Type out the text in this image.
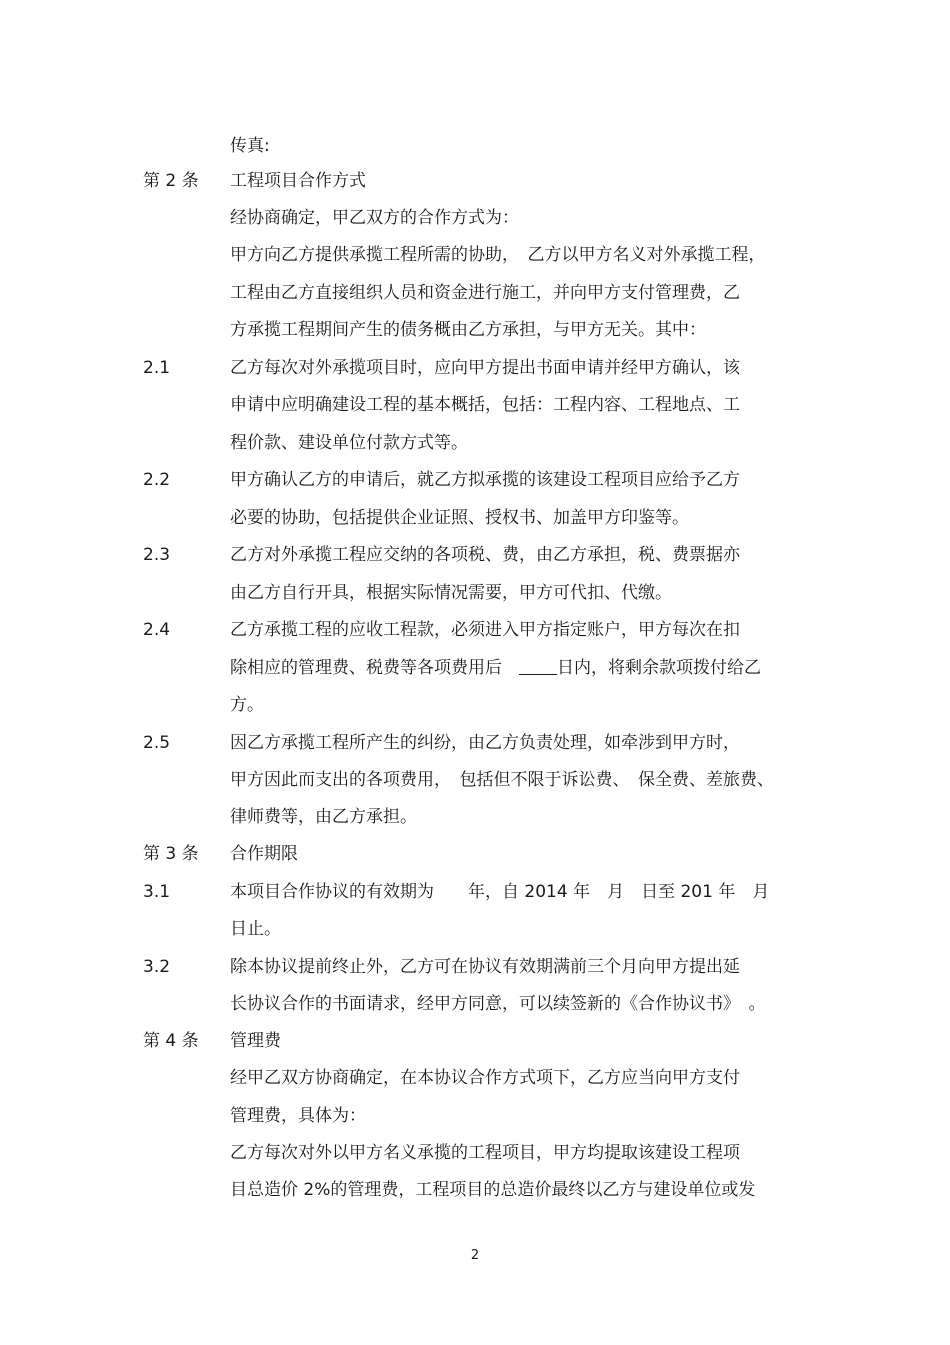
传真:
第 2 条 工程项目合作方式
经协商确定，甲乙双方的合作方式为：
甲方向乙方提供承揽工程所需的协助，　乙方以甲方名义对外承揽工程，
工程由乙方直接组织人员和资金进行施工，并向甲方支付管理费，乙
方承揽工程期间产生的债务概由乙方承担，与甲方无关。其中：
2.1	乙方每次对外承揽项目时，应向甲方提出书面申请并经甲方确认，该
申请中应明确建设工程的基本概括，包括：工程内容、工程地点、工
程价款、建设单位付款方式等。
2.2	甲方确认乙方的申请后，就乙方拟承揽的该建设工程项目应给予乙方
必要的协助，包括提供企业证照、授权书、加盖甲方印鉴等。
2.3	乙方对外承揽工程应交纳的各项税、费，由乙方承担，税、费票据亦
由乙方自行开具，根据实际情况需要，甲方可代扣、代缴。
2.4	乙方承揽工程的应收工程款，必须进入甲方指定账户，甲方每次在扣
除相应的管理费、税费等各项费用后　	日内，将剩余款项拨付给乙
方。
2.5	因乙方承揽工程所产生的纠纷，由乙方负责处理，如牵涉到甲方时，
甲方因此而支出的各项费用，　包括但不限于诉讼费、　保全费、差旅费、
律师费等，由乙方承担。
第 3 条 合作期限
3.1	本项目合作协议的有效期为　　年，自 2014 年　月　日至 201 年　月
日止。
3.2	除本协议提前终止外，乙方可在协议有效期满前三个月向甲方提出延
长协议合作的书面请求，经甲方同意，可以续签新的《合作协议书》　。
第 4 条 管理费
经甲乙双方协商确定，在本协议合作方式项下，乙方应当向甲方支付
管理费，具体为：
乙方每次对外以甲方名义承揽的工程项目，甲方均提取该建设工程项
目总造价 2%的管理费，工程项目的总造价最终以乙方与建设单位或发
2
